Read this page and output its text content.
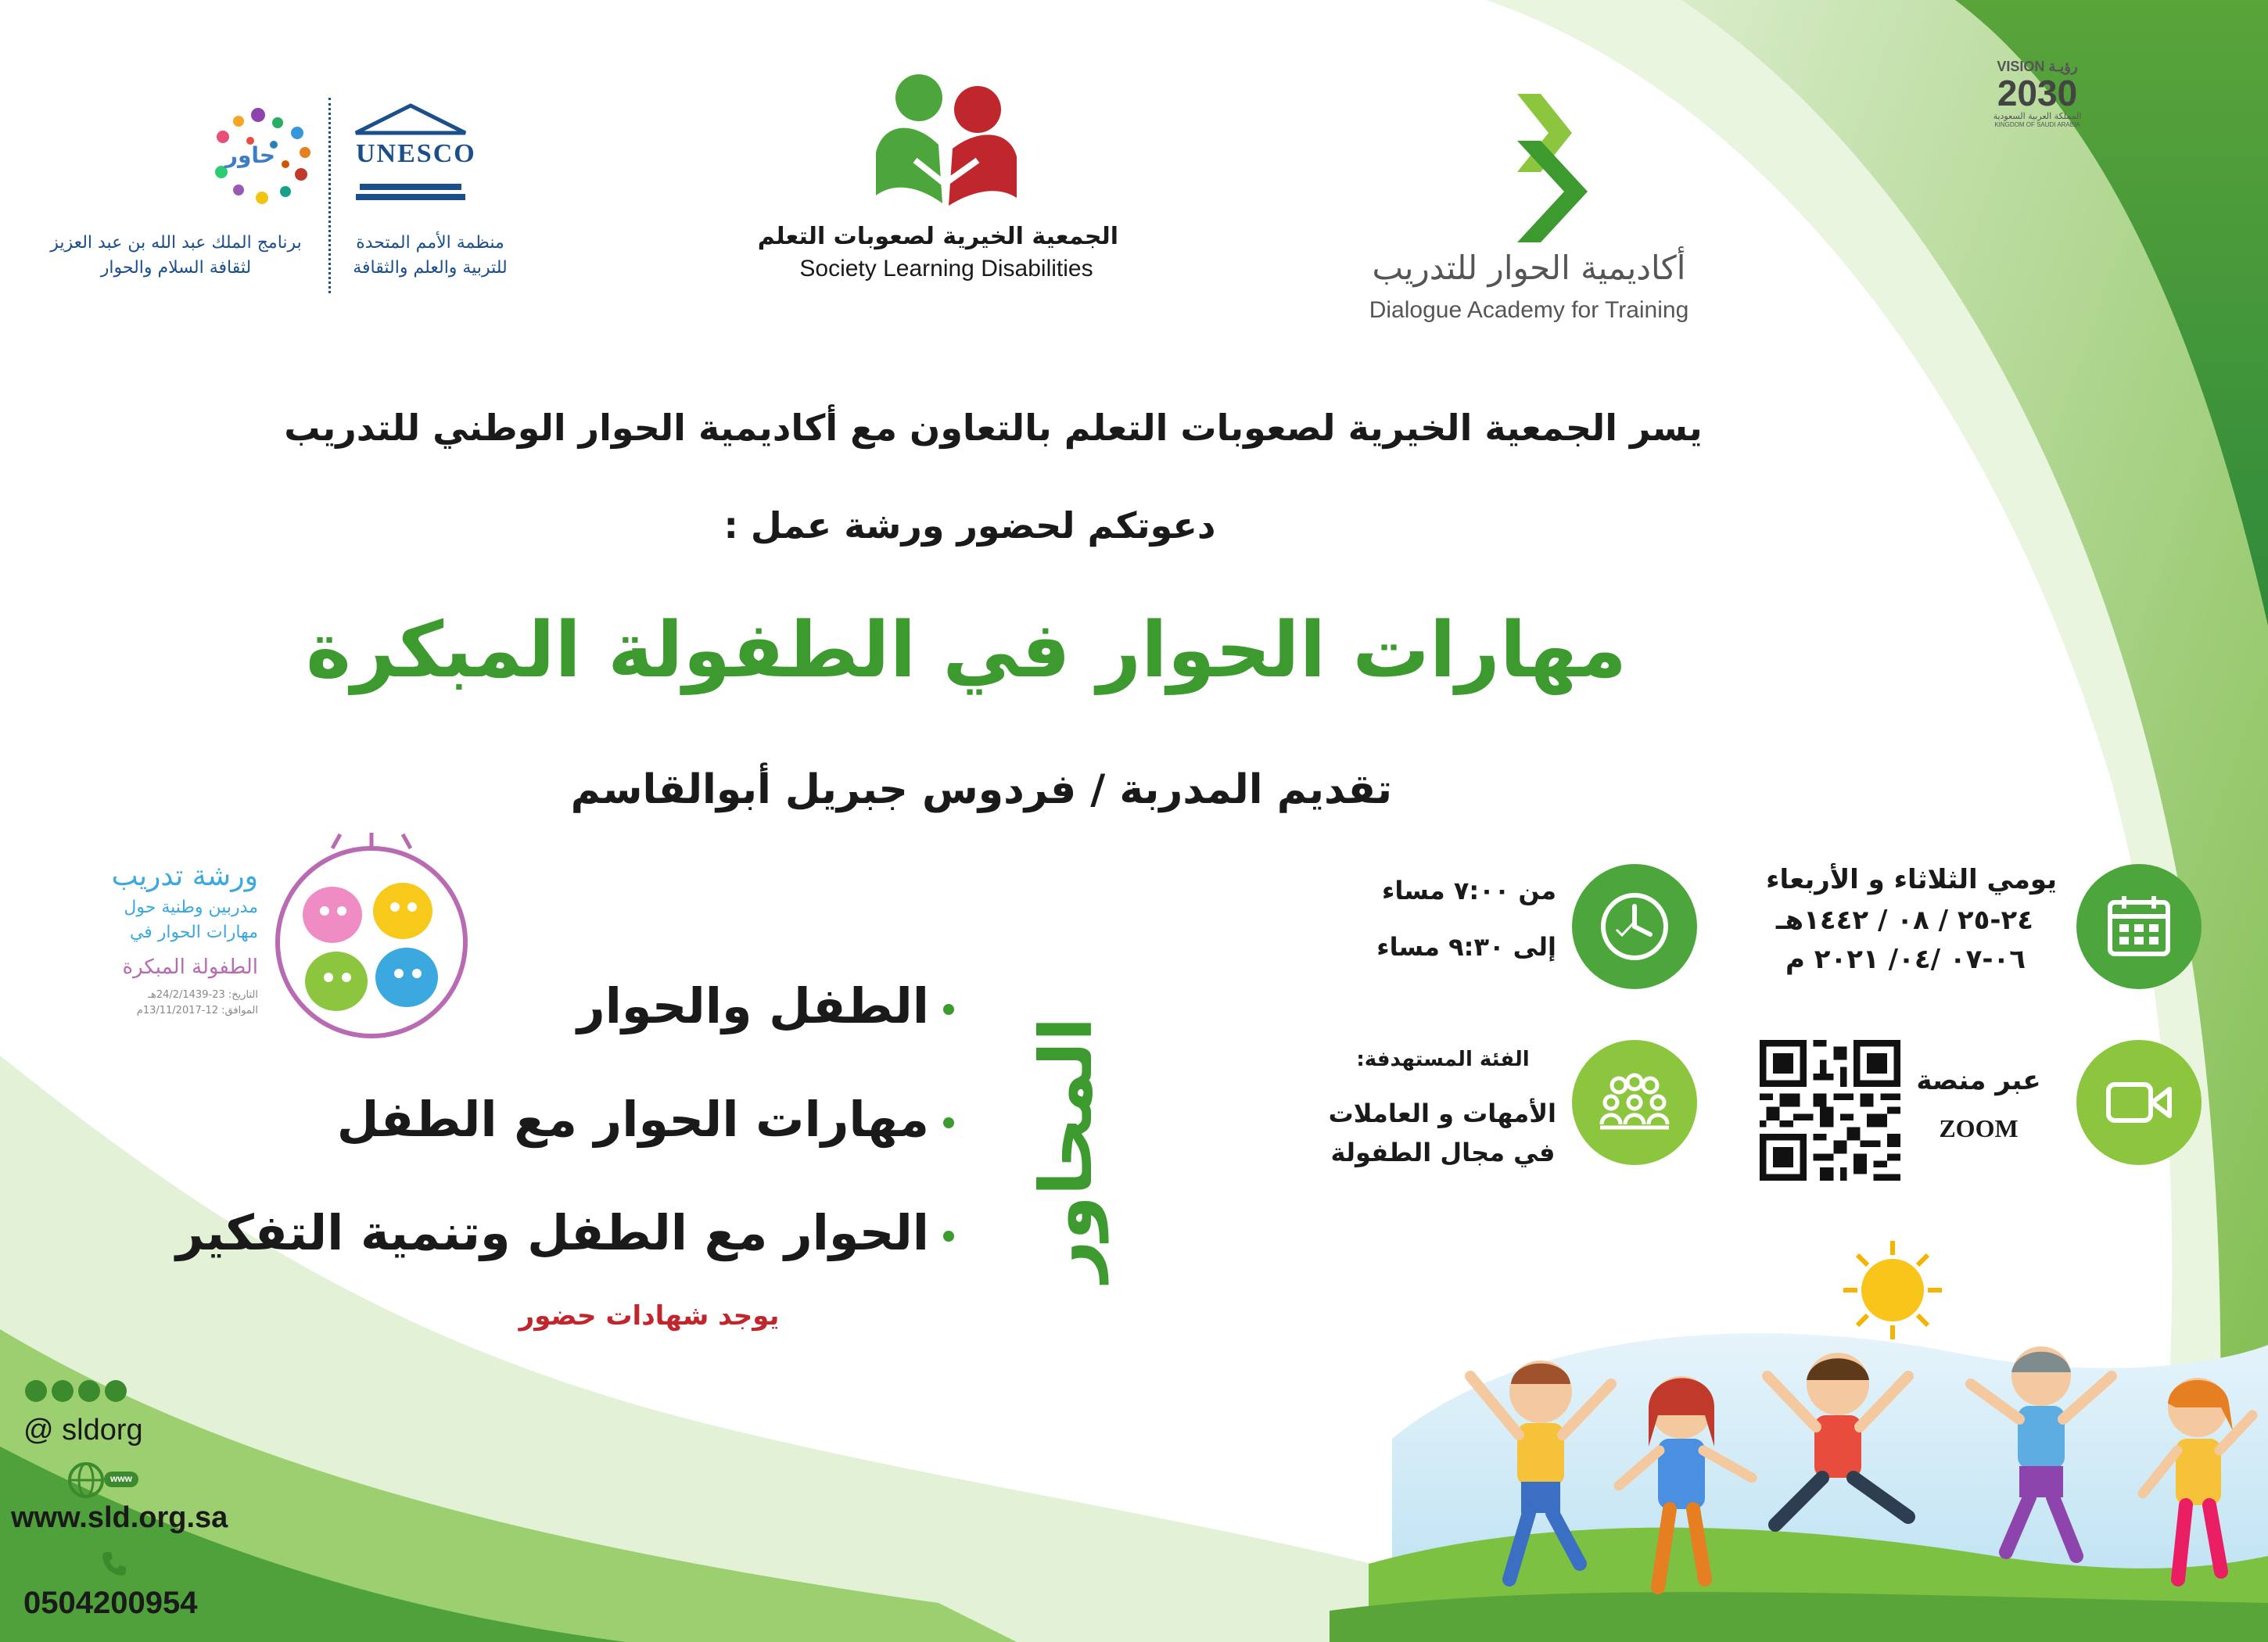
VISION رؤيـة
2030
المملكة العربية السعودية
KINGDOM OF SAUDI ARABIA
أكاديمية الحوار للتدريب
Dialogue Academy for Training
الجمعية الخيرية لصعوبات التعلم
Society Learning Disabilities
UNESCO
منظمة الأمم المتحدة
للتربية والعلم والثقافة
حاور
برنامج الملك عبد الله بن عبد العزيز
لثقافة السلام والحوار
يسر الجمعية الخيرية لصعوبات التعلم بالتعاون مع أكاديمية الحوار الوطني للتدريب
دعوتكم لحضور ورشة عمل :
مهارات الحوار في الطفولة المبكرة
تقديم المدربة / فردوس جبريل أبوالقاسم
يومي الثلاثاء و الأربعاء
٢٤-٢٥ / ٠٨ / ١٤٤٢هـ
٠٦-٠٧ /٠٤/ ٢٠٢١ م
من ٧:٠٠ مساء
إلى ٩:٣٠ مساء
عبر منصة
ZOOM
الفئة المستهدفة:
الأمهات و العاملات
في مجال الطفولة
المحاور
الطفل والحوار
مهارات الحوار مع الطفل
الحوار مع الطفل وتنمية التفكير
يوجد شهادات حضور
ورشة تدريب
مدربين وطنية حول
مهارات الحوار في
الطفولة المبكرة
التاريخ: 23-24/2/1439هـ
الموافق: 12-13/11/2017م
@ sldorg
www
www.sld.org.sa
0504200954
